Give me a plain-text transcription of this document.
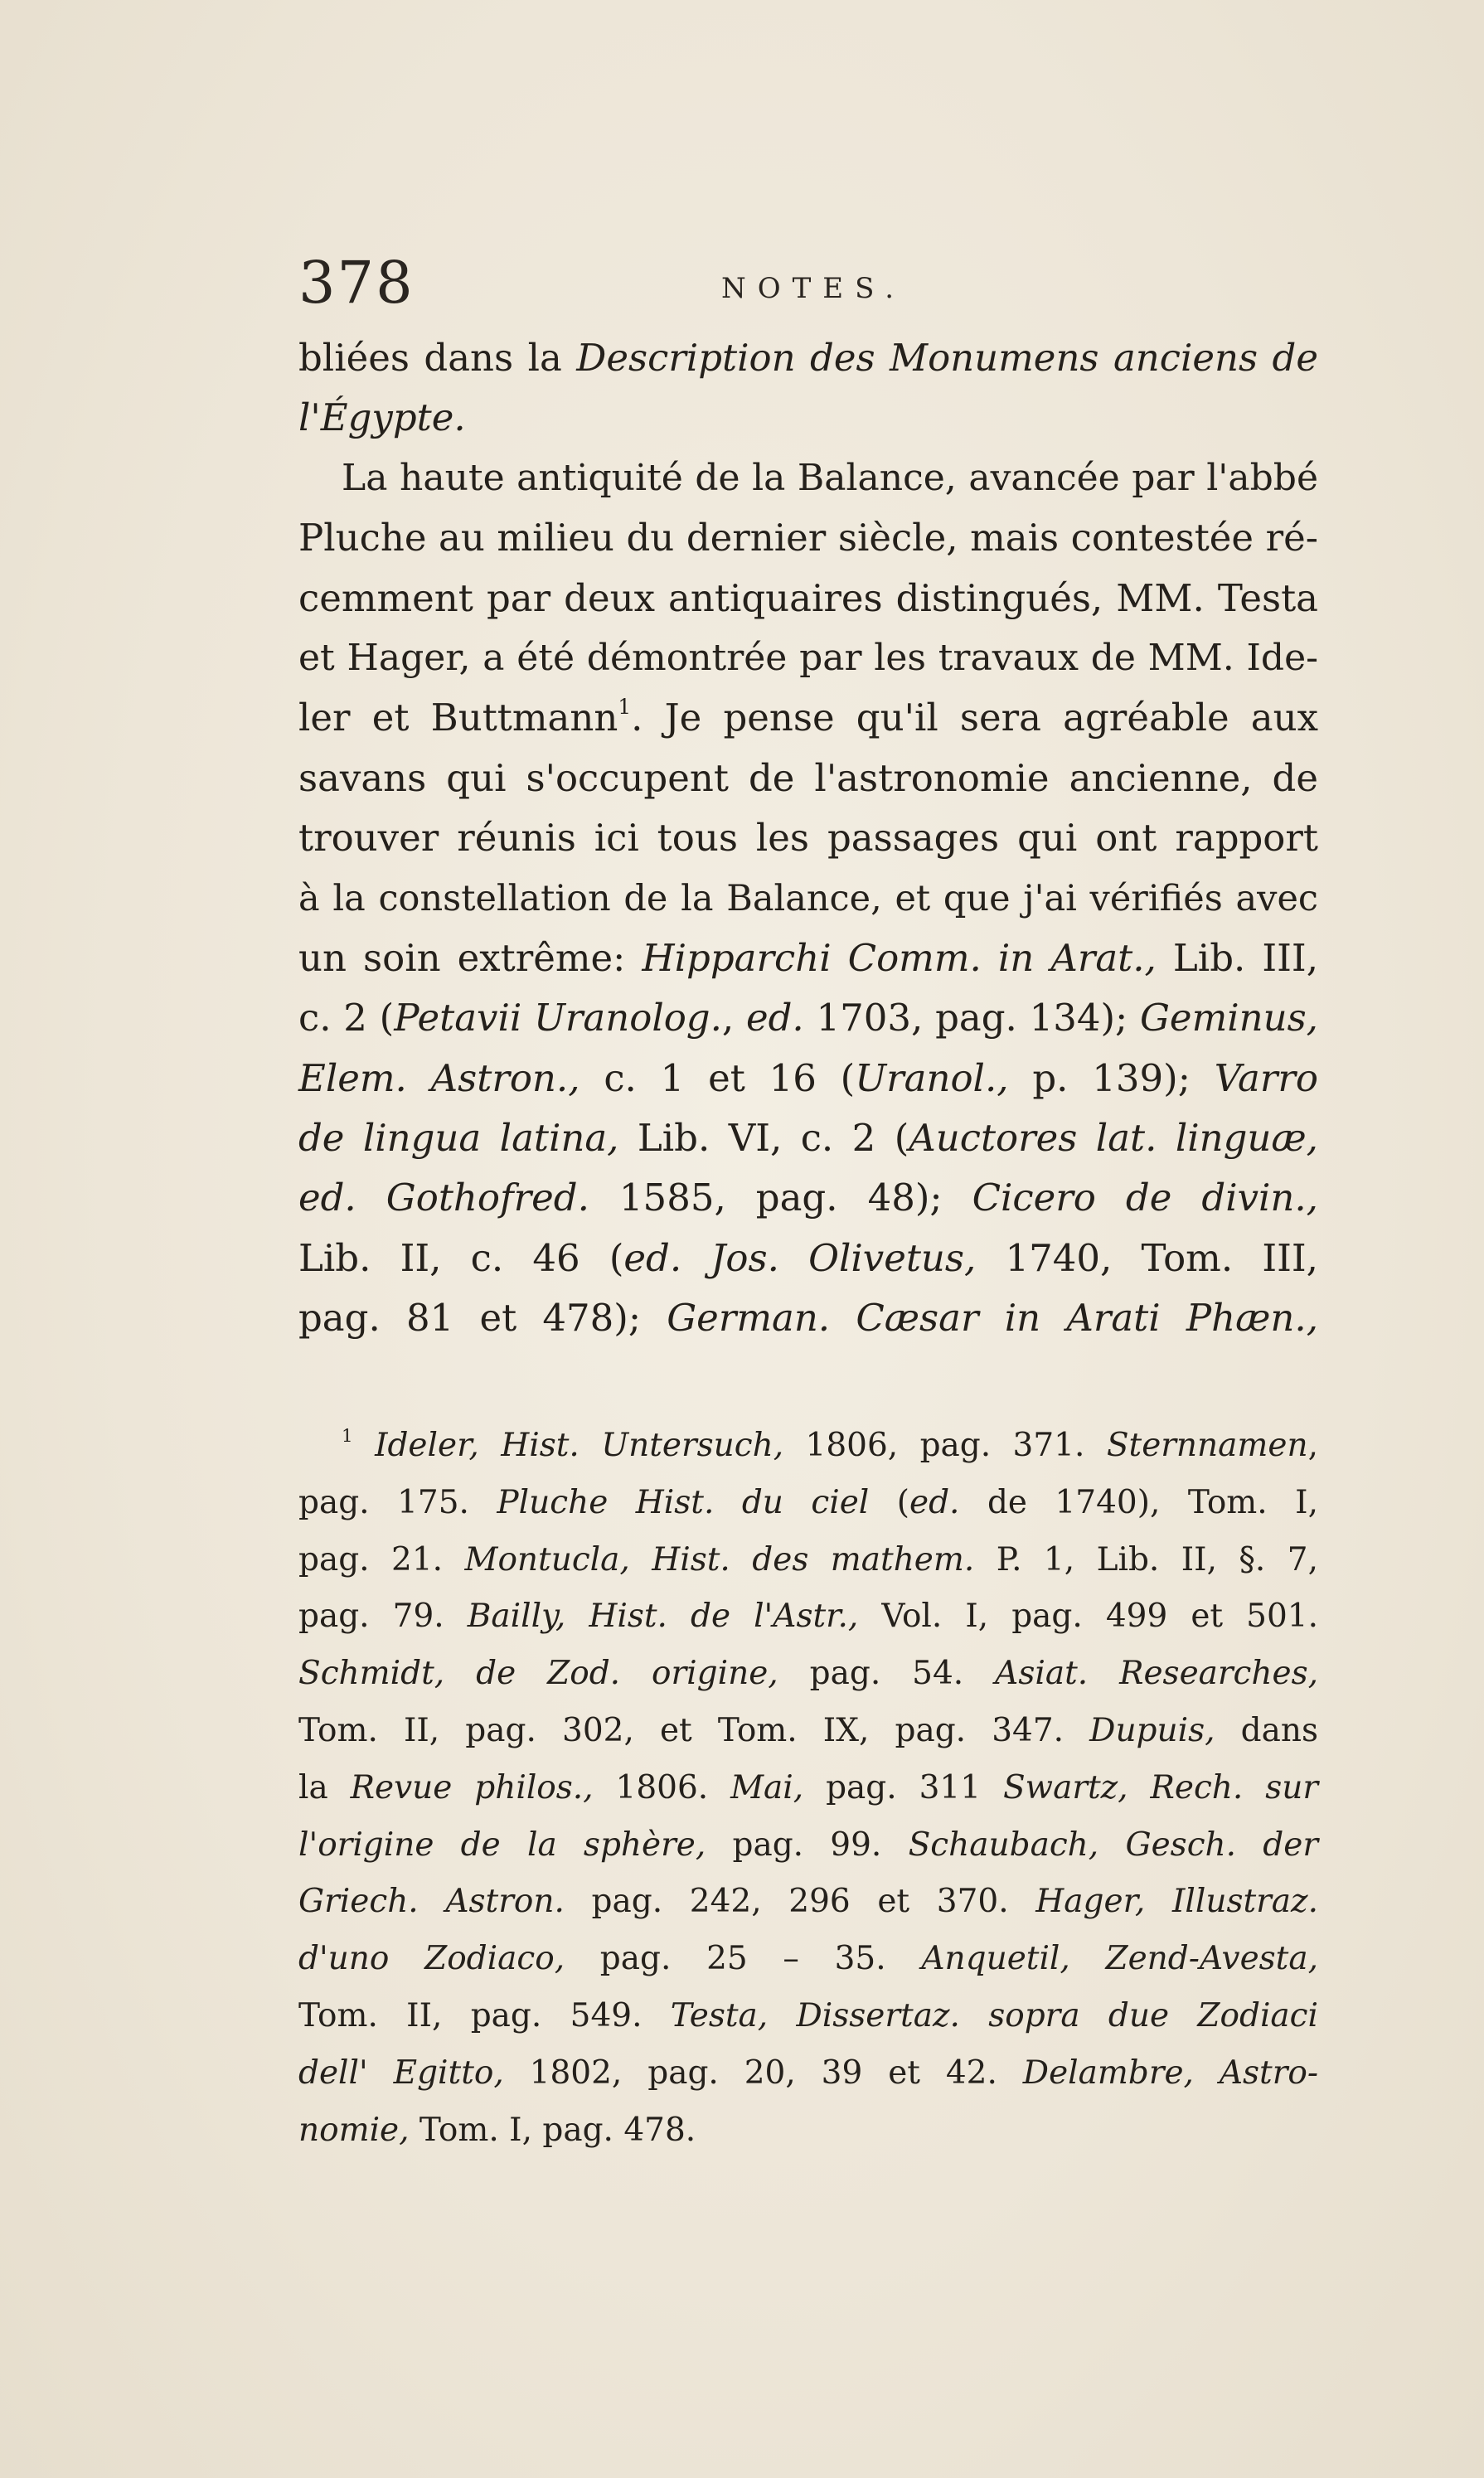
378	NOTES.
bliées dans la Description des Monumens anciens de
l'Égypte.
La haute antiquité de la Balance, avancée par l'abbé
Pluche au milieu du dernier siècle, mais contestée ré-
cemment par deux antiquaires distingués, MM. Testa
et Hager, a été démontrée par les travaux de MM. Ide-
ler et Buttmann$^1$. Je pense qu'il sera agréable aux
savans qui s'occupent de l'astronomie ancienne, de
trouver réunis ici tous les passages qui ont rapport
à la constellation de la Balance, et que j'ai vérifiés avec
un soin extrême: Hipparchi Comm. in Arat., Lib. III,
c. 2 (Petavii Uranolog., ed. 1703, pag. 134); Geminus,
Elem. Astron., c. 1 et 16 (Uranol., p. 139); Varro
de lingua latina, Lib. VI, c. 2 (Auctores lat. linguæ,
ed. Gothofred. 1585, pag. 48); Cicero de divin.,
Lib. II, c. 46 (ed. Jos. Olivetus, 1740, Tom. III,
pag. 81 et 478); German. Cæsar in Arati Phæn.,
$^1$ Ideler, Hist. Untersuch, 1806, pag. 371. Sternnamen,
pag. 175. Pluche Hist. du ciel (ed. de 1740), Tom. I,
pag. 21. Montucla, Hist. des mathem. P. 1, Lib. II, §. 7,
pag. 79. Bailly, Hist. de l'Astr., Vol. I, pag. 499 et 501.
Schmidt, de Zod. origine, pag. 54. Asiat. Researches,
Tom. II, pag. 302, et Tom. IX, pag. 347. Dupuis, dans
la Revue philos., 1806. Mai, pag. 311 Swartz, Rech. sur
l'origine de la sphère, pag. 99. Schaubach, Gesch. der
Griech. Astron. pag. 242, 296 et 370. Hager, Illustraz.
d'uno Zodiaco, pag. 25 – 35. Anquetil, Zend-Avesta,
Tom. II, pag. 549. Testa, Dissertaz. sopra due Zodiaci
dell' Egitto, 1802, pag. 20, 39 et 42. Delambre, Astro-
nomie, Tom. I, pag. 478.
